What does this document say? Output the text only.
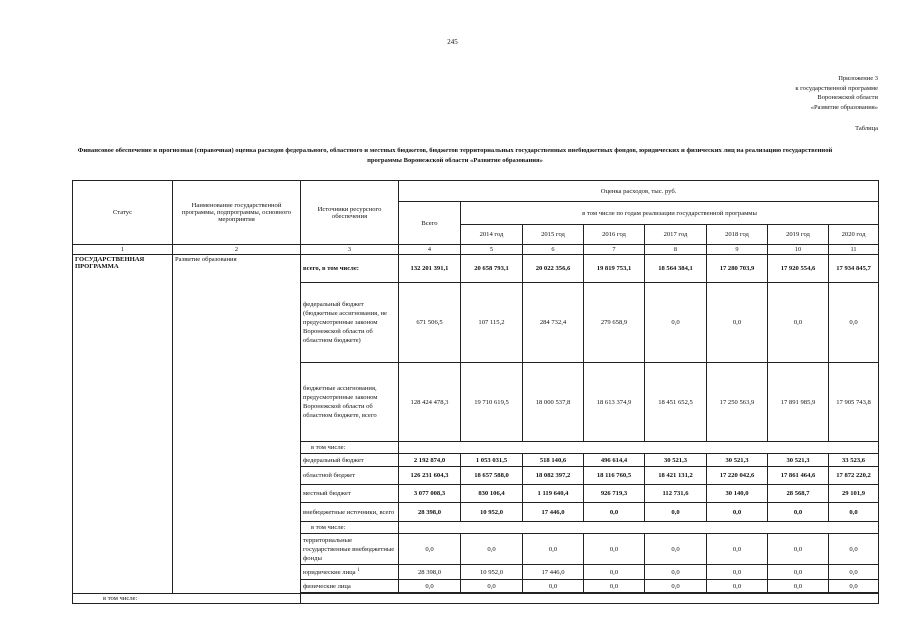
245
Приложение 3
к государственной программе
Воронежской области
«Развитие образования»
Таблица
Финансовое обеспечение и прогнозная (справочная) оценка расходов федерального, областного и местных бюджетов, бюджетов территориальных государственных внебюджетных фондов, юридических и физических лиц на реализацию государственной программы Воронежской области «Развитие образования»
Статус	Наименование государственной программы, подпрограммы, основного мероприятия	Источники ресурсного обеспечения	Оценка расходов, тыс. руб.							
			Всего	в том числе по годам реализации государственной программы						
				2014 год	2015 год	2016 год	2017 год	2018 год	2019 год	2020 год
1	2	3	4	5	6	7	8	9	10	11
ГОСУДАРСТВЕННАЯ ПРОГРАММА	Развитие образования	всего, в том числе:	132 201 391,1	20 658 793,1	20 022 356,6	19 819 753,1	18 564 384,1	17 280 703,9	17 920 554,6	17 934 845,7
		федеральный бюджет (бюджетные ассигнования, не предусмотренные законом Воронежской области об областном бюджете)	671 506,5	107 115,2	284 732,4	279 658,9	0,0	0,0	0,0	0,0
		бюджетные ассигнования, предусмотренные законом Воронежской области об областном бюджете, всего	128 424 478,3	19 710 619,5	18 000 537,8	18 613 374,9	18 451 652,5	17 250 563,9	17 891 985,9	17 905 743,8
		в том числе:								
		федеральный бюджет	2 192 874,0	1 053 031,5	518 140,6	496 614,4	30 521,3	30 521,3	30 521,3	33 523,6
		областной бюджет	126 231 604,3	18 657 588,0	18 082 397,2	18 116 760,5	18 421 131,2	17 220 042,6	17 861 464,6	17 872 220,2
		местный бюджет	3 077 008,3	830 106,4	1 119 640,4	926 719,3	112 731,6	30 140,0	28 568,7	29 101,9
		внебюджетные источники, всего	28 398,0	10 952,0	17 446,0	0,0	0,0	0,0	0,0	0,0
		в том числе:								
		территориальные государственные внебюджетные фонды	0,0	0,0	0,0	0,0	0,0	0,0	0,0	0,0
		юридические лица $^1$	28 398,0	10 952,0	17 446,0	0,0	0,0	0,0	0,0	0,0
		физические лица	0,0	0,0	0,0	0,0	0,0	0,0	0,0	0,0

в том числе:										
